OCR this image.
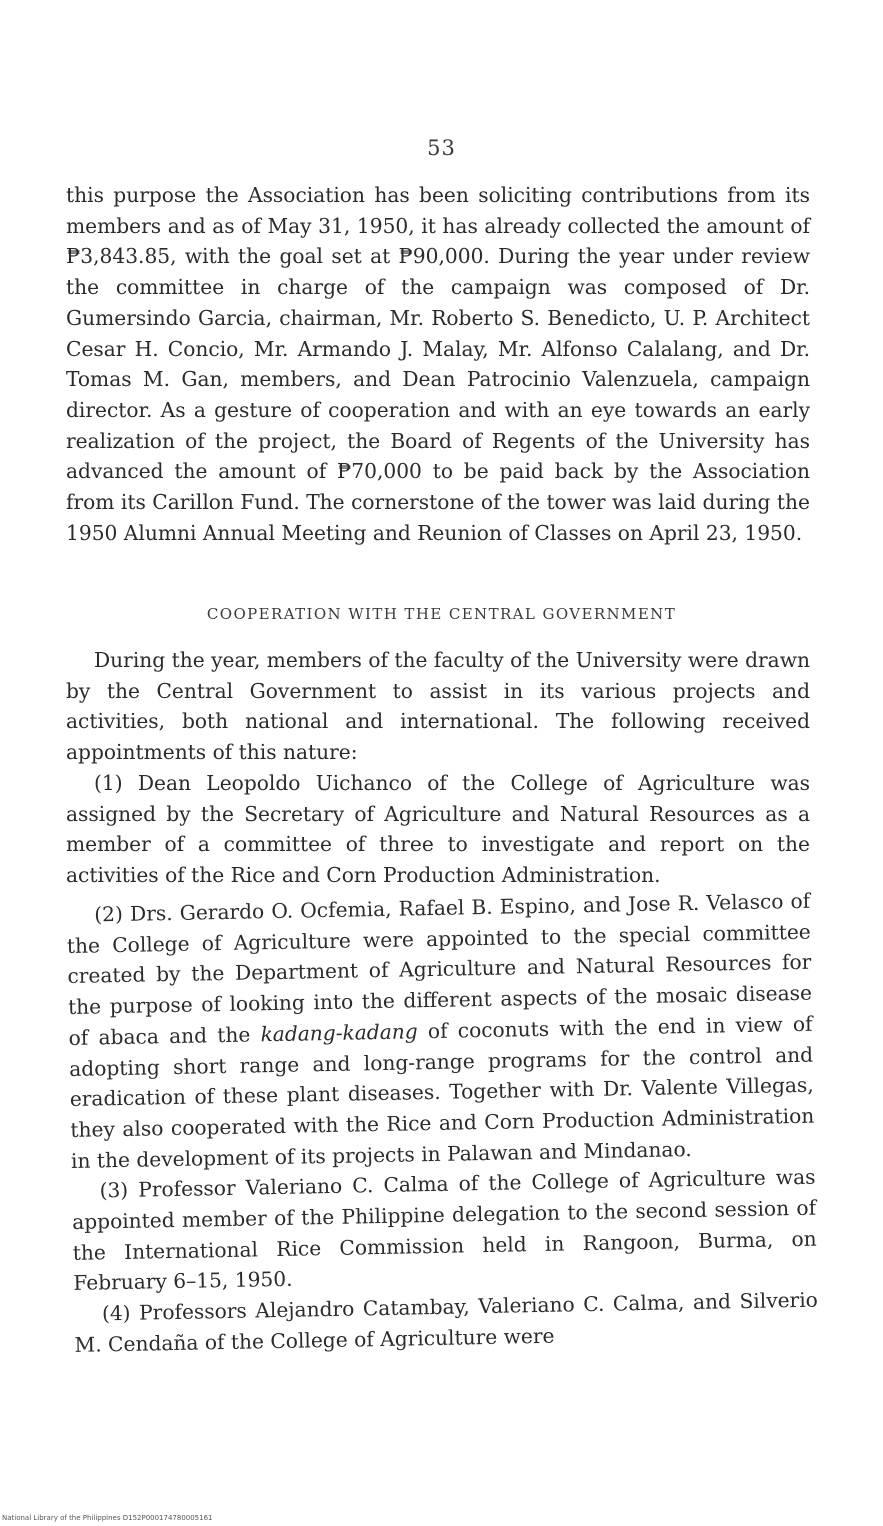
53

this purpose the Association has been soliciting contributions from its members and as of May 31, 1950, it has already collected the amount of ₱3,843.85, with the goal set at ₱90,000. During the year under review the committee in charge of the campaign was composed of Dr. Gumersindo Garcia, chairman, Mr. Roberto S. Benedicto, U. P. Architect Cesar H. Concio, Mr. Armando J. Malay, Mr. Alfonso Calalang, and Dr. Tomas M. Gan, members, and Dean Patrocinio Valenzuela, campaign director. As a gesture of cooperation and with an eye towards an early realization of the project, the Board of Regents of the University has advanced the amount of ₱70,000 to be paid back by the Association from its Carillon Fund. The cornerstone of the tower was laid during the 1950 Alumni Annual Meeting and Reunion of Classes on April 23, 1950.

COOPERATION WITH THE CENTRAL GOVERNMENT

During the year, members of the faculty of the University were drawn by the Central Government to assist in its various projects and activities, both national and international. The following received appointments of this nature:

(1) Dean Leopoldo Uichanco of the College of Agriculture was assigned by the Secretary of Agriculture and Natural Resources as a member of a committee of three to investigate and report on the activities of the Rice and Corn Production Administration.

(2) Drs. Gerardo O. Ocfemia, Rafael B. Espino, and Jose R. Velasco of the College of Agriculture were appointed to the special committee created by the Department of Agriculture and Natural Resources for the purpose of looking into the different aspects of the mosaic disease of abaca and the kadang-kadang of coconuts with the end in view of adopting short range and long-range programs for the control and eradication of these plant diseases. Together with Dr. Valente Villegas, they also cooperated with the Rice and Corn Production Administration in the development of its projects in Palawan and Mindanao.

(3) Professor Valeriano C. Calma of the College of Agriculture was appointed member of the Philippine delegation to the second session of the International Rice Commission held in Rangoon, Burma, on February 6–15, 1950.

(4) Professors Alejandro Catambay, Valeriano C. Calma, and Silverio M. Cendaña of the College of Agriculture were

National Library of the Philippines D152P000174780005161
